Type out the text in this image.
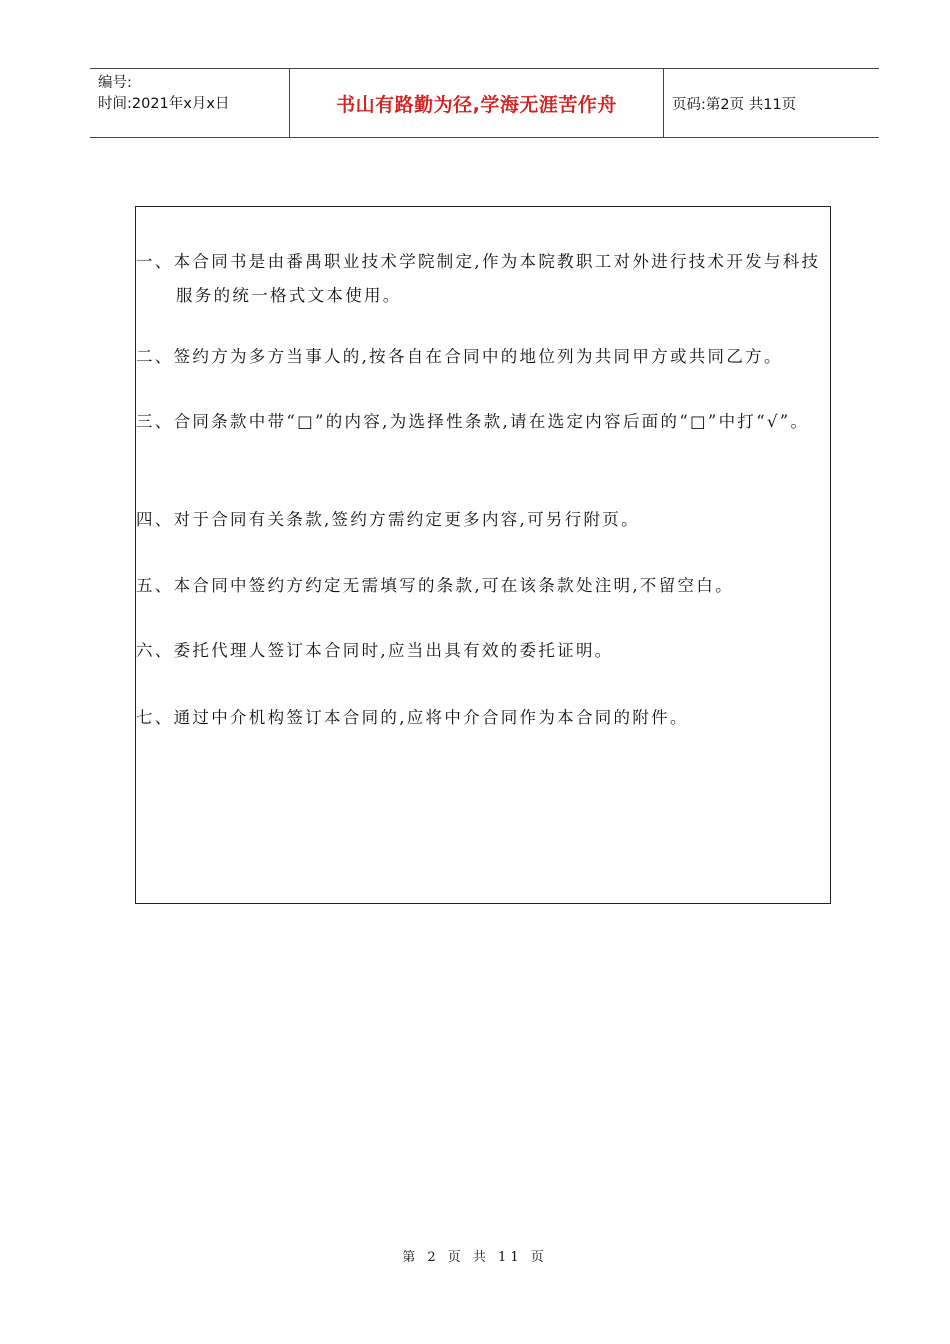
编号:
时间:2021年x月x日	书山有路勤为径,学海无涯苦作舟	页码:第2页 共11页
一、本合同书是由番禺职业技术学院制定,作为本院教职工对外进行技术开发与科技服务的统一格式文本使用。
二、签约方为多方当事人的,按各自在合同中的地位列为共同甲方或共同乙方。
三、合同条款中带“□”的内容,为选择性条款,请在选定内容后面的“□”中打“√”。
四、对于合同有关条款,签约方需约定更多内容,可另行附页。
五、本合同中签约方约定无需填写的条款,可在该条款处注明,不留空白。
六、委托代理人签订本合同时,应当出具有效的委托证明。
七、通过中介机构签订本合同的,应将中介合同作为本合同的附件。
第 2 页 共 11 页
